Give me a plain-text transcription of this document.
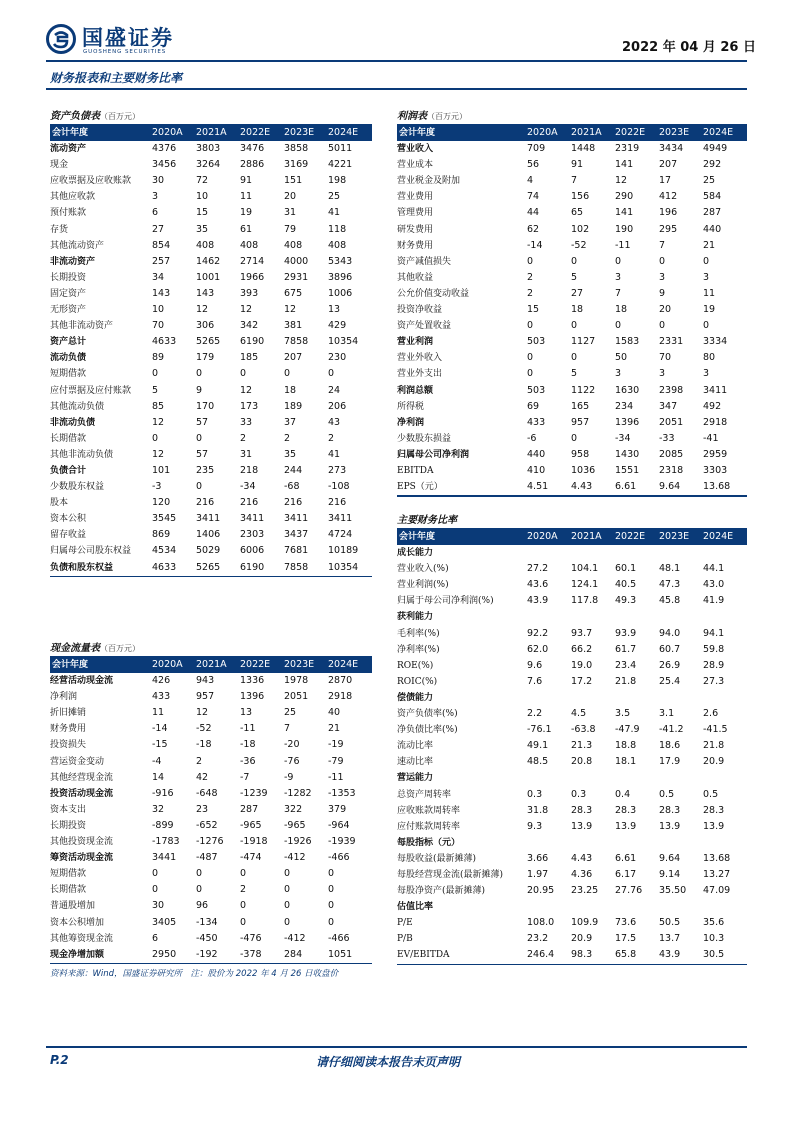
国盛证券
GUOSHENG SECURITIES	2022 年 04 月 26 日
财务报表和主要财务比率
资产负债表（百万元）
会计年度	2020A	2021A	2022E	2023E	2024E
流动资产	4376	3803	3476	3858	5011
现金	3456	3264	2886	3169	4221
应收票据及应收账款	30	72	91	151	198
其他应收款	3	10	11	20	25
预付账款	6	15	19	31	41
存货	27	35	61	79	118
其他流动资产	854	408	408	408	408
非流动资产	257	1462	2714	4000	5343
长期投资	34	1001	1966	2931	3896
固定资产	143	143	393	675	1006
无形资产	10	12	12	12	13
其他非流动资产	70	306	342	381	429
资产总计	4633	5265	6190	7858	10354
流动负债	89	179	185	207	230
短期借款	0	0	0	0	0
应付票据及应付账款	5	9	12	18	24
其他流动负债	85	170	173	189	206
非流动负债	12	57	33	37	43
长期借款	0	0	2	2	2
其他非流动负债	12	57	31	35	41
负债合计	101	235	218	244	273
少数股东权益	-3	0	-34	-68	-108
股本	120	216	216	216	216
资本公积	3545	3411	3411	3411	3411
留存收益	869	1406	2303	3437	4724
归属母公司股东权益	4534	5029	6006	7681	10189
负债和股东权益	4633	5265	6190	7858	10354
利润表（百万元）
会计年度	2020A	2021A	2022E	2023E	2024E
营业收入	709	1448	2319	3434	4949
营业成本	56	91	141	207	292
营业税金及附加	4	7	12	17	25
营业费用	74	156	290	412	584
管理费用	44	65	141	196	287
研发费用	62	102	190	295	440
财务费用	-14	-52	-11	7	21
资产减值损失	0	0	0	0	0
其他收益	2	5	3	3	3
公允价值变动收益	2	27	7	9	11
投资净收益	15	18	18	20	19
资产处置收益	0	0	0	0	0
营业利润	503	1127	1583	2331	3334
营业外收入	0	0	50	70	80
营业外支出	0	5	3	3	3
利润总额	503	1122	1630	2398	3411
所得税	69	165	234	347	492
净利润	433	957	1396	2051	2918
少数股东损益	-6	0	-34	-33	-41
归属母公司净利润	440	958	1430	2085	2959
EBITDA	410	1036	1551	2318	3303
EPS（元）	4.51	4.43	6.61	9.64	13.68
主要财务比率
会计年度	2020A	2021A	2022E	2023E	2024E
成长能力
营业收入(%)	27.2	104.1	60.1	48.1	44.1
营业利润(%)	43.6	124.1	40.5	47.3	43.0
归属于母公司净利润(%)	43.9	117.8	49.3	45.8	41.9
获利能力
毛利率(%)	92.2	93.7	93.9	94.0	94.1
净利率(%)	62.0	66.2	61.7	60.7	59.8
ROE(%)	9.6	19.0	23.4	26.9	28.9
ROIC(%)	7.6	17.2	21.8	25.4	27.3
偿债能力
资产负债率(%)	2.2	4.5	3.5	3.1	2.6
净负债比率(%)	-76.1	-63.8	-47.9	-41.2	-41.5
流动比率	49.1	21.3	18.8	18.6	21.8
速动比率	48.5	20.8	18.1	17.9	20.9
营运能力
总资产周转率	0.3	0.3	0.4	0.5	0.5
应收账款周转率	31.8	28.3	28.3	28.3	28.3
应付账款周转率	9.3	13.9	13.9	13.9	13.9
每股指标（元）
每股收益(最新摊薄)	3.66	4.43	6.61	9.64	13.68
每股经营现金流(最新摊薄)	1.97	4.36	6.17	9.14	13.27
每股净资产(最新摊薄)	20.95	23.25	27.76	35.50	47.09
估值比率
P/E	108.0	109.9	73.6	50.5	35.6
P/B	23.2	20.9	17.5	13.7	10.3
EV/EBITDA	246.4	98.3	65.8	43.9	30.5
现金流量表（百万元）
会计年度	2020A	2021A	2022E	2023E	2024E
经营活动现金流	426	943	1336	1978	2870
净利润	433	957	1396	2051	2918
折旧摊销	11	12	13	25	40
财务费用	-14	-52	-11	7	21
投资损失	-15	-18	-18	-20	-19
营运资金变动	-4	2	-36	-76	-79
其他经营现金流	14	42	-7	-9	-11
投资活动现金流	-916	-648	-1239	-1282	-1353
资本支出	32	23	287	322	379
长期投资	-899	-652	-965	-965	-964
其他投资现金流	-1783	-1276	-1918	-1926	-1939
筹资活动现金流	3441	-487	-474	-412	-466
短期借款	0	0	0	0	0
长期借款	0	0	2	0	0
普通股增加	30	96	0	0	0
资本公积增加	3405	-134	0	0	0
其他筹资现金流	6	-450	-476	-412	-466
现金净增加额	2950	-192	-378	284	1051
资料来源：Wind，国盛证券研究所　注：股价为 2022 年 4 月 26 日收盘价
P.2	请仔细阅读本报告末页声明
